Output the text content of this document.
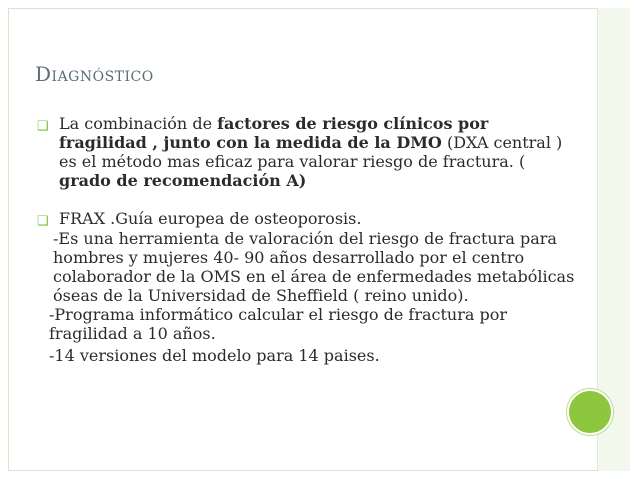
Diagnóstico
❑ La combinación de factores de riesgo clínicos por fragilidad , junto con la medida de la DMO (DXA central ) es el método mas eficaz para valorar riesgo de fractura. ( grado de recomendación A)
❑ FRAX .Guía europea de osteoporosis.
-Es una herramienta de valoración del riesgo de fractura para hombres y mujeres 40- 90 años desarrollado por el centro colaborador de la OMS en el área de enfermedades metabólicas óseas de la Universidad de Sheffield ( reino unido).
-Programa informático calcular el riesgo de fractura por fragilidad a 10 años.
-14 versiones del modelo para 14 paises.
